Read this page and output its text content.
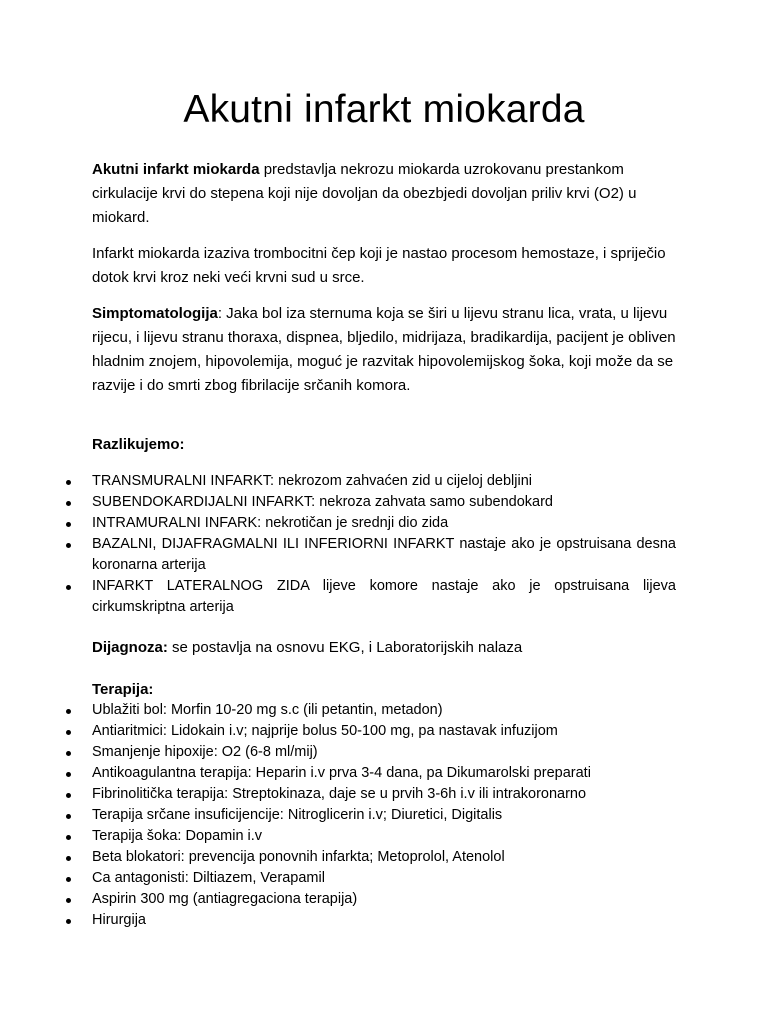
Akutni infarkt miokarda

Akutni infarkt miokarda predstavlja nekrozu miokarda uzrokovanu prestankom cirkulacije krvi do stepena koji nije dovoljan da obezbjedi dovoljan priliv krvi (O2) u miokard.

Infarkt miokarda izaziva trombocitni čep koji je nastao procesom hemostaze, i spriječio dotok krvi kroz neki veći krvni sud u srce.

Simptomatologija: Jaka bol iza sternuma koja se širi u lijevu stranu lica, vrata, u lijevu rijecu, i lijevu stranu thoraxa, dispnea, bljedilo, midrijaza, bradikardija, pacijent je obliven hladnim znojem, hipovolemija, moguć je razvitak hipovolemijskog šoka, koji može da se razvije i do smrti zbog fibrilacije srčanih komora.

Razlikujemo:

TRANSMURALNI INFARKT: nekrozom zahvaćen zid u cijeloj debljini
SUBENDOKARDIJALNI INFARKT: nekroza zahvata samo subendokard
INTRAMURALNI INFARK: nekrotičan je srednji dio zida
BAZALNI, DIJAFRAGMALNI ILI INFERIORNI INFARKT nastaje ako je opstruisana desna koronarna arterija
INFARKT LATERALNOG ZIDA lijeve komore nastaje ako je opstruisana lijeva cirkumskriptna arterija

Dijagnoza: se postavlja na osnovu EKG, i Laboratorijskih nalaza

Terapija:

Ublažiti bol: Morfin 10-20 mg s.c (ili petantin, metadon)
Antiaritmici: Lidokain i.v; najprije bolus 50-100 mg, pa nastavak infuzijom
Smanjenje hipoxije: O2 (6-8 ml/mij)
Antikoagulantna terapija: Heparin i.v prva 3-4 dana, pa Dikumarolski preparati
Fibrinolitička terapija: Streptokinaza, daje se u prvih 3-6h i.v ili intrakoronarno
Terapija srčane insuficijencije: Nitroglicerin i.v; Diuretici, Digitalis
Terapija šoka: Dopamin i.v
Beta blokatori: prevencija ponovnih infarkta; Metoprolol, Atenolol
Ca antagonisti: Diltiazem, Verapamil
Aspirin 300 mg (antiagregaciona terapija)
Hirurgija
